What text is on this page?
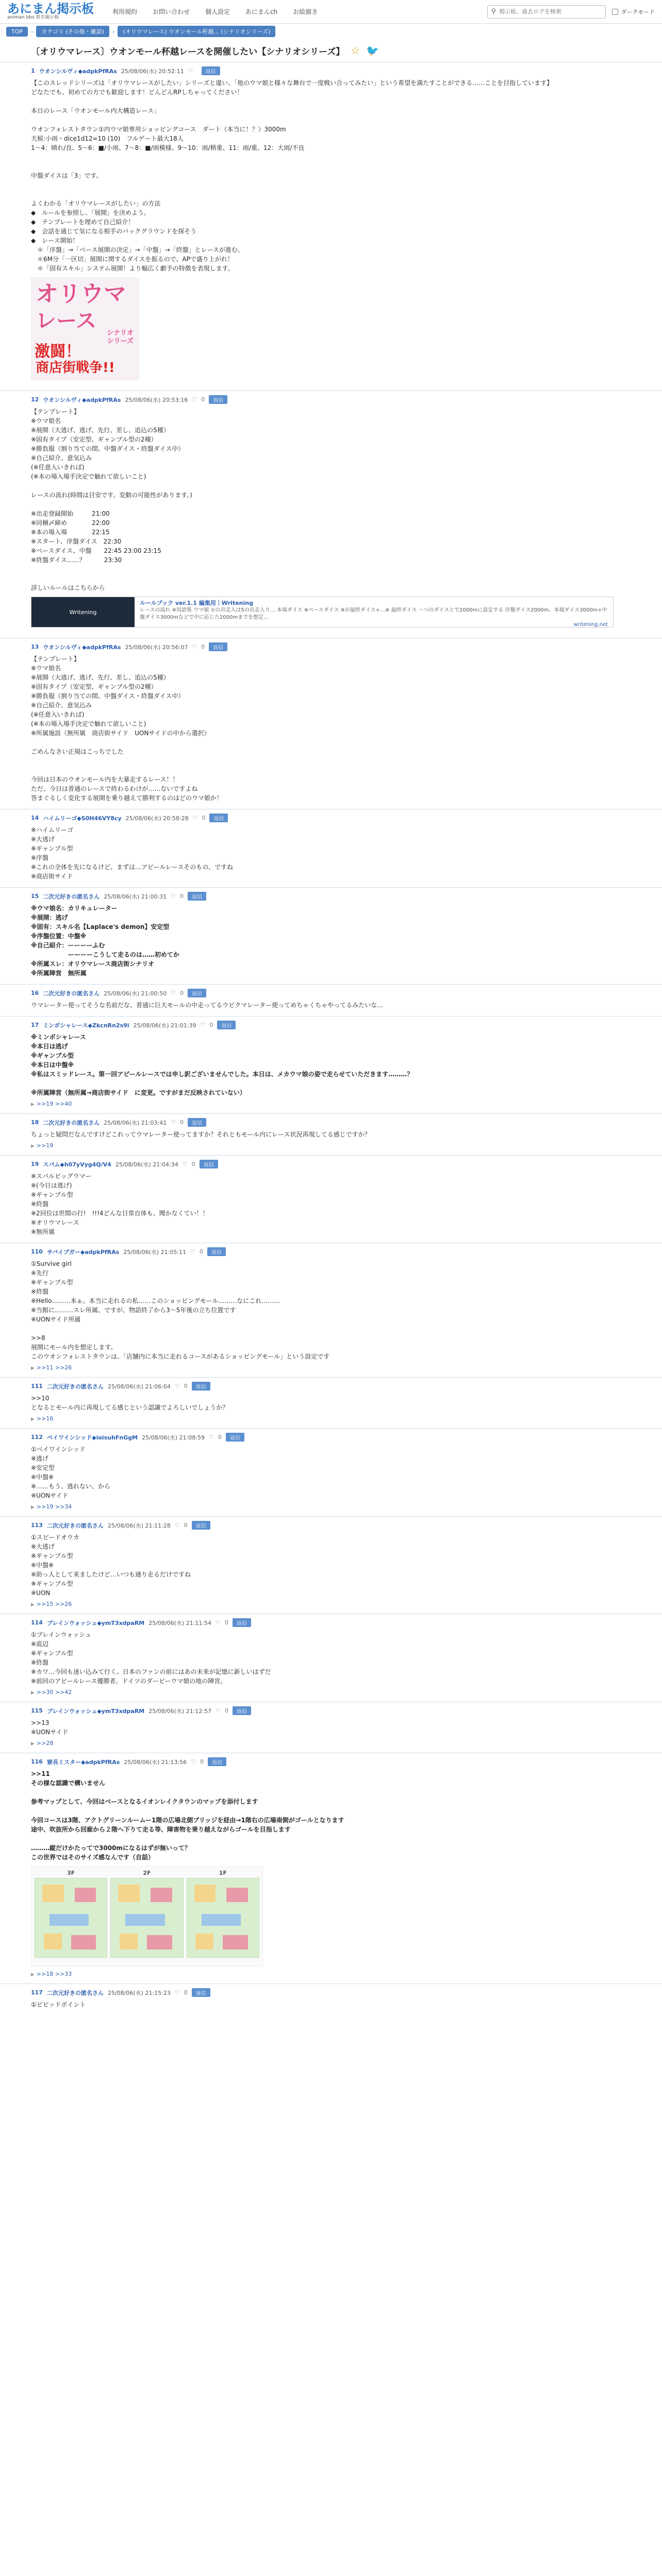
あにまん掲示板
animan bbs 匿名掲示板
利用規約	お問い合わせ	個人設定	あにまんch	お絵描き	⚲
掲示板、過去ログを検索	ダークモード
TOP	›	カテゴリ (その他・雑談)	›	(オリウマレース) ウオンモール杯越... (シナリオシリーズ)
〔オリウマレース〕ウオンモール杯越レースを開催したい【シナリオシリーズ】 ☆ 🐦
1 ウオンシルヴィ◆adpkPfRAs 25/08/06(水) 20:52:11 ♡	返信
【このスレッドシリーズは「オリウマレースがしたい」シリーズと違い、「他のウマ娘と様々な舞台で一度戦い合ってみたい」という希望を満たすことができる……ことを目指しています】
どなたでも、初めての方でも歓迎します！どんどんRPしちゃってください！

本日のレース「ウオンモール内大構造レース」

ウオンフォレストタウン①内ウマ娘専用ショッピングコース　ダート（本当に！？）3000m
天候:小雨・dice1d12=10 (10)　フルゲート最大18人
1〜4：晴れ/良、5〜6：■/小雨、7〜8：■/雨模様、9〜10：雨/稍重、11：雨/重、12：大雨/不良

中盤ダイスは「3」です。

よくわかる「オリウマレースがしたい」の方法
◆　ルールを参照し、「展開」を決めよう。
◆　テンプレートを埋めて自己紹介！
◆　会話を通じて気になる相手のバックグラウンドを探そう
◆　レース開始！
　＊「序盤」→「ベース展開の決定」→「中盤」→「終盤」とレースが進む。
　＊6M分「一区切」展開に関するダイスを振るので、APで盛り上がれ！
　＊「固有スキル」システム展開！より幅広く劇予の特徴を表現します。
オリウマ
レース
シナリオ
シリーズ
激闘！
商店街戦争!!
12 ウオンシルヴィ◆adpkPfRAs 25/08/06(水) 20:53:16 ♡ 0	返信
【テンプレート】
※ウマ娘名
※展開（大逃げ、逃げ、先行、差し、追込の5種）
※固有タイプ（安定型、ギャンブル型の2種）
※勝負服（割り当ての間、中盤ダイス・終盤ダイス中）
※自己紹介、意気込み
(※任意入いきれば)
(※本の場入場手決定で触れて欲しいこと)

レースの流れ(時間は目安です。変動の可能性があります。)

※出走登録開始　　　21:00
※同梱〆締め　　　　22:00
※本の場入場　　　　22:15
※スタート、序盤ダイス　22:30
※ベースダイス、中盤　　22:45 23:00 23:15
※終盤ダイス……？　　　23:30

詳しいルールはこちらから
Writening
ルールブック ver.1.1 編集用｜Writening
レースの流れ ※用語集 ウマ娘 ①の出走入は5の出走入り… 本場ダイス ※ベースダイス ※が最終ダイス+…※ 最終ダイス ～つのダイスとで2000mに設定する 序盤ダイス2000m、本場ダイス3000m+中盤ダイス3000mなどで中に応じた2000mまでを想定…
writening.net
13 ウオンシルヴィ◆adpkPfRAs 25/08/06(水) 20:56:07 ♡ 0	返信
【テンプレート】
※ウマ娘名
※展開（大逃げ、逃げ、先行、差し、追込の5種）
※固有タイプ（安定型、ギャンブル型の2種）
※勝負服（割り当ての間、中盤ダイス・終盤ダイス中）
※自己紹介、意気込み
(※任意入いきれば)
(※本の場入場手決定で触れて欲しいこと)
※所属施設（無所属　商店街サイド　UONサイドの中から選択）

ごめんなさい正規はこっちでした

今回は日本のウオンモール内を大暴走するレース！！
ただ、今日は普通のレースで終わるわけが……ないですよね
答まぐるしく変化する展開を乗り越えて勝利するのはどのウマ娘か！
14 ハイムリーゴ◆S0H46VY8cy 25/08/06(水) 20:58:28 ♡ 0	返信
※ハイムリーゴ
※大逃げ
※ギャンブル型
※序盤
※これの全体を先になるけど、まずは…アピールレースそのもの、ですね
※商店街サイド
15 二次元好きの匿名さん 25/08/06(水) 21:00:31 ♡ 0	返信
※ウマ娘名：カリキュレーター
※展開：逃げ
※固有：スキル名【Laplace's demon】安定型
※序盤位置：中盤※
※自己紹介：ーーーーふむ
　　　　　　ーーーーこうして走るのは……初めてか
※所属スレ：オリウマレース商店街シナリオ
※所属陣営　無所属
16 二次元好きの匿名さん 25/08/06(水) 21:00:50 ♡ 0	返信
ウマレーター使ってそうな名前だな、普通に巨大モールの中走ってるウビクマレーター使ってめちゃくちゃやってるみたいな…
17 ミンボシャレース◆ZkcnRn2s9i 25/08/06(水) 21:01:39 ♡ 0	返信
※ミンボシャレース
※本日は逃げ
※ギャンブル型
※本日は中盤※
※私はスミッドレース。第一回アピールレースでは申し訳ございませんでした。本日は、メカウマ娘の姿で走らせていただきます………？

※所属陣営（無所属→商店街サイド　に変更。ですがまだ反映されていない）
▶ >>19 >>40
18 二次元好きの匿名さん 25/08/06(水) 21:03:41 ♡ 0	返信
ちょっと疑問だなんですけどこれってウマレーター使ってますか？それともモール内にレース状況再現してる感じですか？
▶ >>19
19 スパム◆h07yVyg4Q/V4 25/08/06(水) 21:04:34 ♡ 0	返信
※スパルビッグウマー
※(今日は逃げ)
※ギャンブル型
※終盤
※2回位は世間の行!　!!!4どんな日常自体も、聞かなくてい！！
※オリウマレース
※無所属
110 サバイブガー◆adpkPfRAs 25/08/06(水) 21:05:11 ♡ 0	返信
①Survive girl
※先行
※ギャンブル型
※終盤
※Hello………本ぁ。本当に走れるの私……このショッピングモール………なにこれ………
※当館に………スレ所属、ですが、物語終了から3〜5年後の立ち位置です
※UONサイド所属

>>8
展開にモール内を想定します。
このウオンフォレストタウンは、「店舗内に本当に走れるコースがあるショッピングモール」という設定です
▶ >>11 >>26
111 二次元好きの匿名さん 25/08/06(水) 21:06:04 ♡ 0	返信
>>10
となるとモール内に再現してる感じという認識でよろしいでしょうか？
▶ >>16
112 ベイワインシッド◆ioisuhFnGgM 25/08/06(水) 21:08:59 ♡ 0	返信
①ベイワインシッド
※逃げ
※安定型
※中盤※
※……もう、逃れない、から
※UONサイド
▶ >>19 >>34
113 二次元好きの匿名さん 25/08/06(水) 21:11:28 ♡ 0	返信
①スピードオウカ
※大逃げ
※ギャンブル型
※中盤※
※助っ人として来ましたけど…いつも通り走るだけですね
※ギャンブル型
※UON
▶ >>15 >>26
114 ブレインウォッシュ◆ymT3xdpaRM 25/08/06(水) 21:11:54 ♡ 0	返信
①ブレインウォッシュ
※底辺
※ギャンブル型
※終盤
※カワ…今回も迷い込みて行く。日本のファンの前にはあの未来が記憶に新しいはずだ
※前回のアピールレース優勝者。ドイツのダービーウマ娘の地の陣営。
▶ >>30 >>42
115 ブレインウォッシュ◆ymT3xdpaRM 25/08/06(水) 21:12:57 ♡ 0	返信
>>13
※UONサイド
▶ >>28
116 寮長ミスター◆adpkPfRAs 25/08/06(水) 21:13:56 ♡ 0	返信
>>11
その様な認識で構いません

参考マップとして、今回はベースとなるイオンレイクタウンのマップを添付します

今回コースは3階、アクトグリーンルームー1階の広場北側ブリッジを経由→1階右の広場南側がゴールとなります
途中、吹抜所から回廊から２階へ下りて走る等、障害物を乗り越えながらゴールを目指します

………縦だけかたってで3000mになるはずが無いって？
この世界ではそのサイズ感なんです（自話）
3F	2F	1F
▶ >>18 >>33
117 二次元好きの匿名さん 25/08/06(水) 21:15:23 ♡ 0	返信
①ビビッドポイント
